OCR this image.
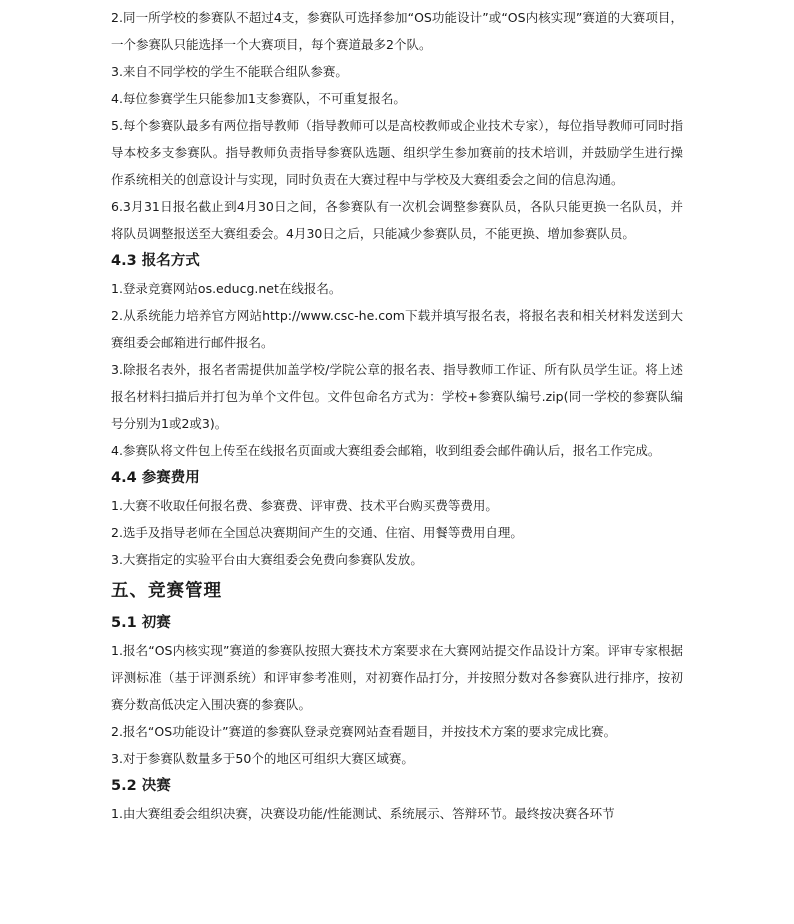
2.同一所学校的参赛队不超过4支，参赛队可选择参加“OS功能设计”或“OS内核实现”赛道的大赛项目，一个参赛队只能选择一个大赛项目，每个赛道最多2个队。

3.来自不同学校的学生不能联合组队参赛。

4.每位参赛学生只能参加1支参赛队，不可重复报名。

5.每个参赛队最多有两位指导教师（指导教师可以是高校教师或企业技术专家），每位指导教师可同时指导本校多支参赛队。指导教师负责指导参赛队选题、组织学生参加赛前的技术培训，并鼓励学生进行操　作系统相关的创意设计与实现，同时负责在大赛过程中与学校及大赛组委会之间的信息沟通。

6.3月31日报名截止到4月30日之间，各参赛队有一次机会调整参赛队员，各队只能更换一名队员，并将队员调整报送至大赛组委会。4月30日之后，只能减少参赛队员，不能更换、增加参赛队员。

4.3 报名方式

1.登录竞赛网站os.educg.net在线报名。

2.从系统能力培养官方网站http://www.csc-he.com下载并填写报名表，将报名表和相关材料发送到大赛组委会邮箱进行邮件报名。

3.除报名表外，报名者需提供加盖学校/学院公章的报名表、指导教师工作证、所有队员学生证。将上述报名材料扫描后并打包为单个文件包。文件包命名方式为：学校+参赛队编号.zip(同一学校的参赛队编号分别为1或2或3)。

4.参赛队将文件包上传至在线报名页面或大赛组委会邮箱，收到组委会邮件确认后，报名工作完成。

4.4 参赛费用

1.大赛不收取任何报名费、参赛费、评审费、技术平台购买费等费用。

2.选手及指导老师在全国总决赛期间产生的交通、住宿、用餐等费用自理。

3.大赛指定的实验平台由大赛组委会免费向参赛队发放。

五、竞赛管理

5.1 初赛

1.报名“OS内核实现”赛道的参赛队按照大赛技术方案要求在大赛网站提交作品设计方案。评审专家根据评测标准（基于评测系统）和评审参考准则，对初赛作品打分，并按照分数对各参赛队进行排序，按初赛分数高低决定入围决赛的参赛队。

2.报名“OS功能设计”赛道的参赛队登录竞赛网站查看题目，并按技术方案的要求完成比赛。

3.对于参赛队数量多于50个的地区可组织大赛区域赛。

5.2 决赛

1.由大赛组委会组织决赛，决赛设功能/性能测试、系统展示、答辩环节。最终按决赛各环节
